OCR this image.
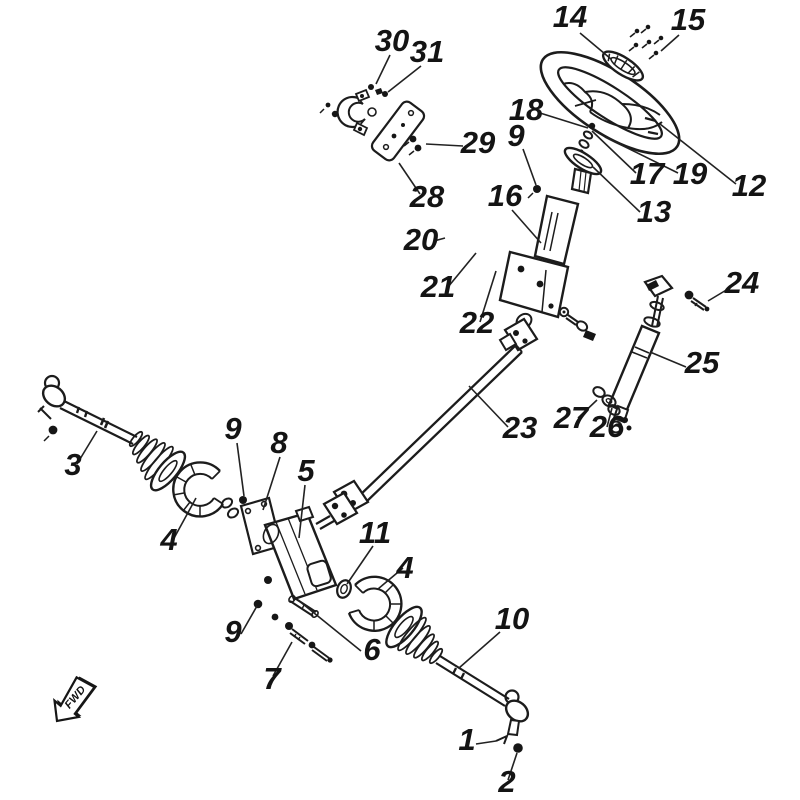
FWD
14	15
30 31
18
9
29
17 19 12
28	13
16
20
21	24
22
25
27 26
23
3
9 8
5
11
4
4
10
9
6
7
1
2
